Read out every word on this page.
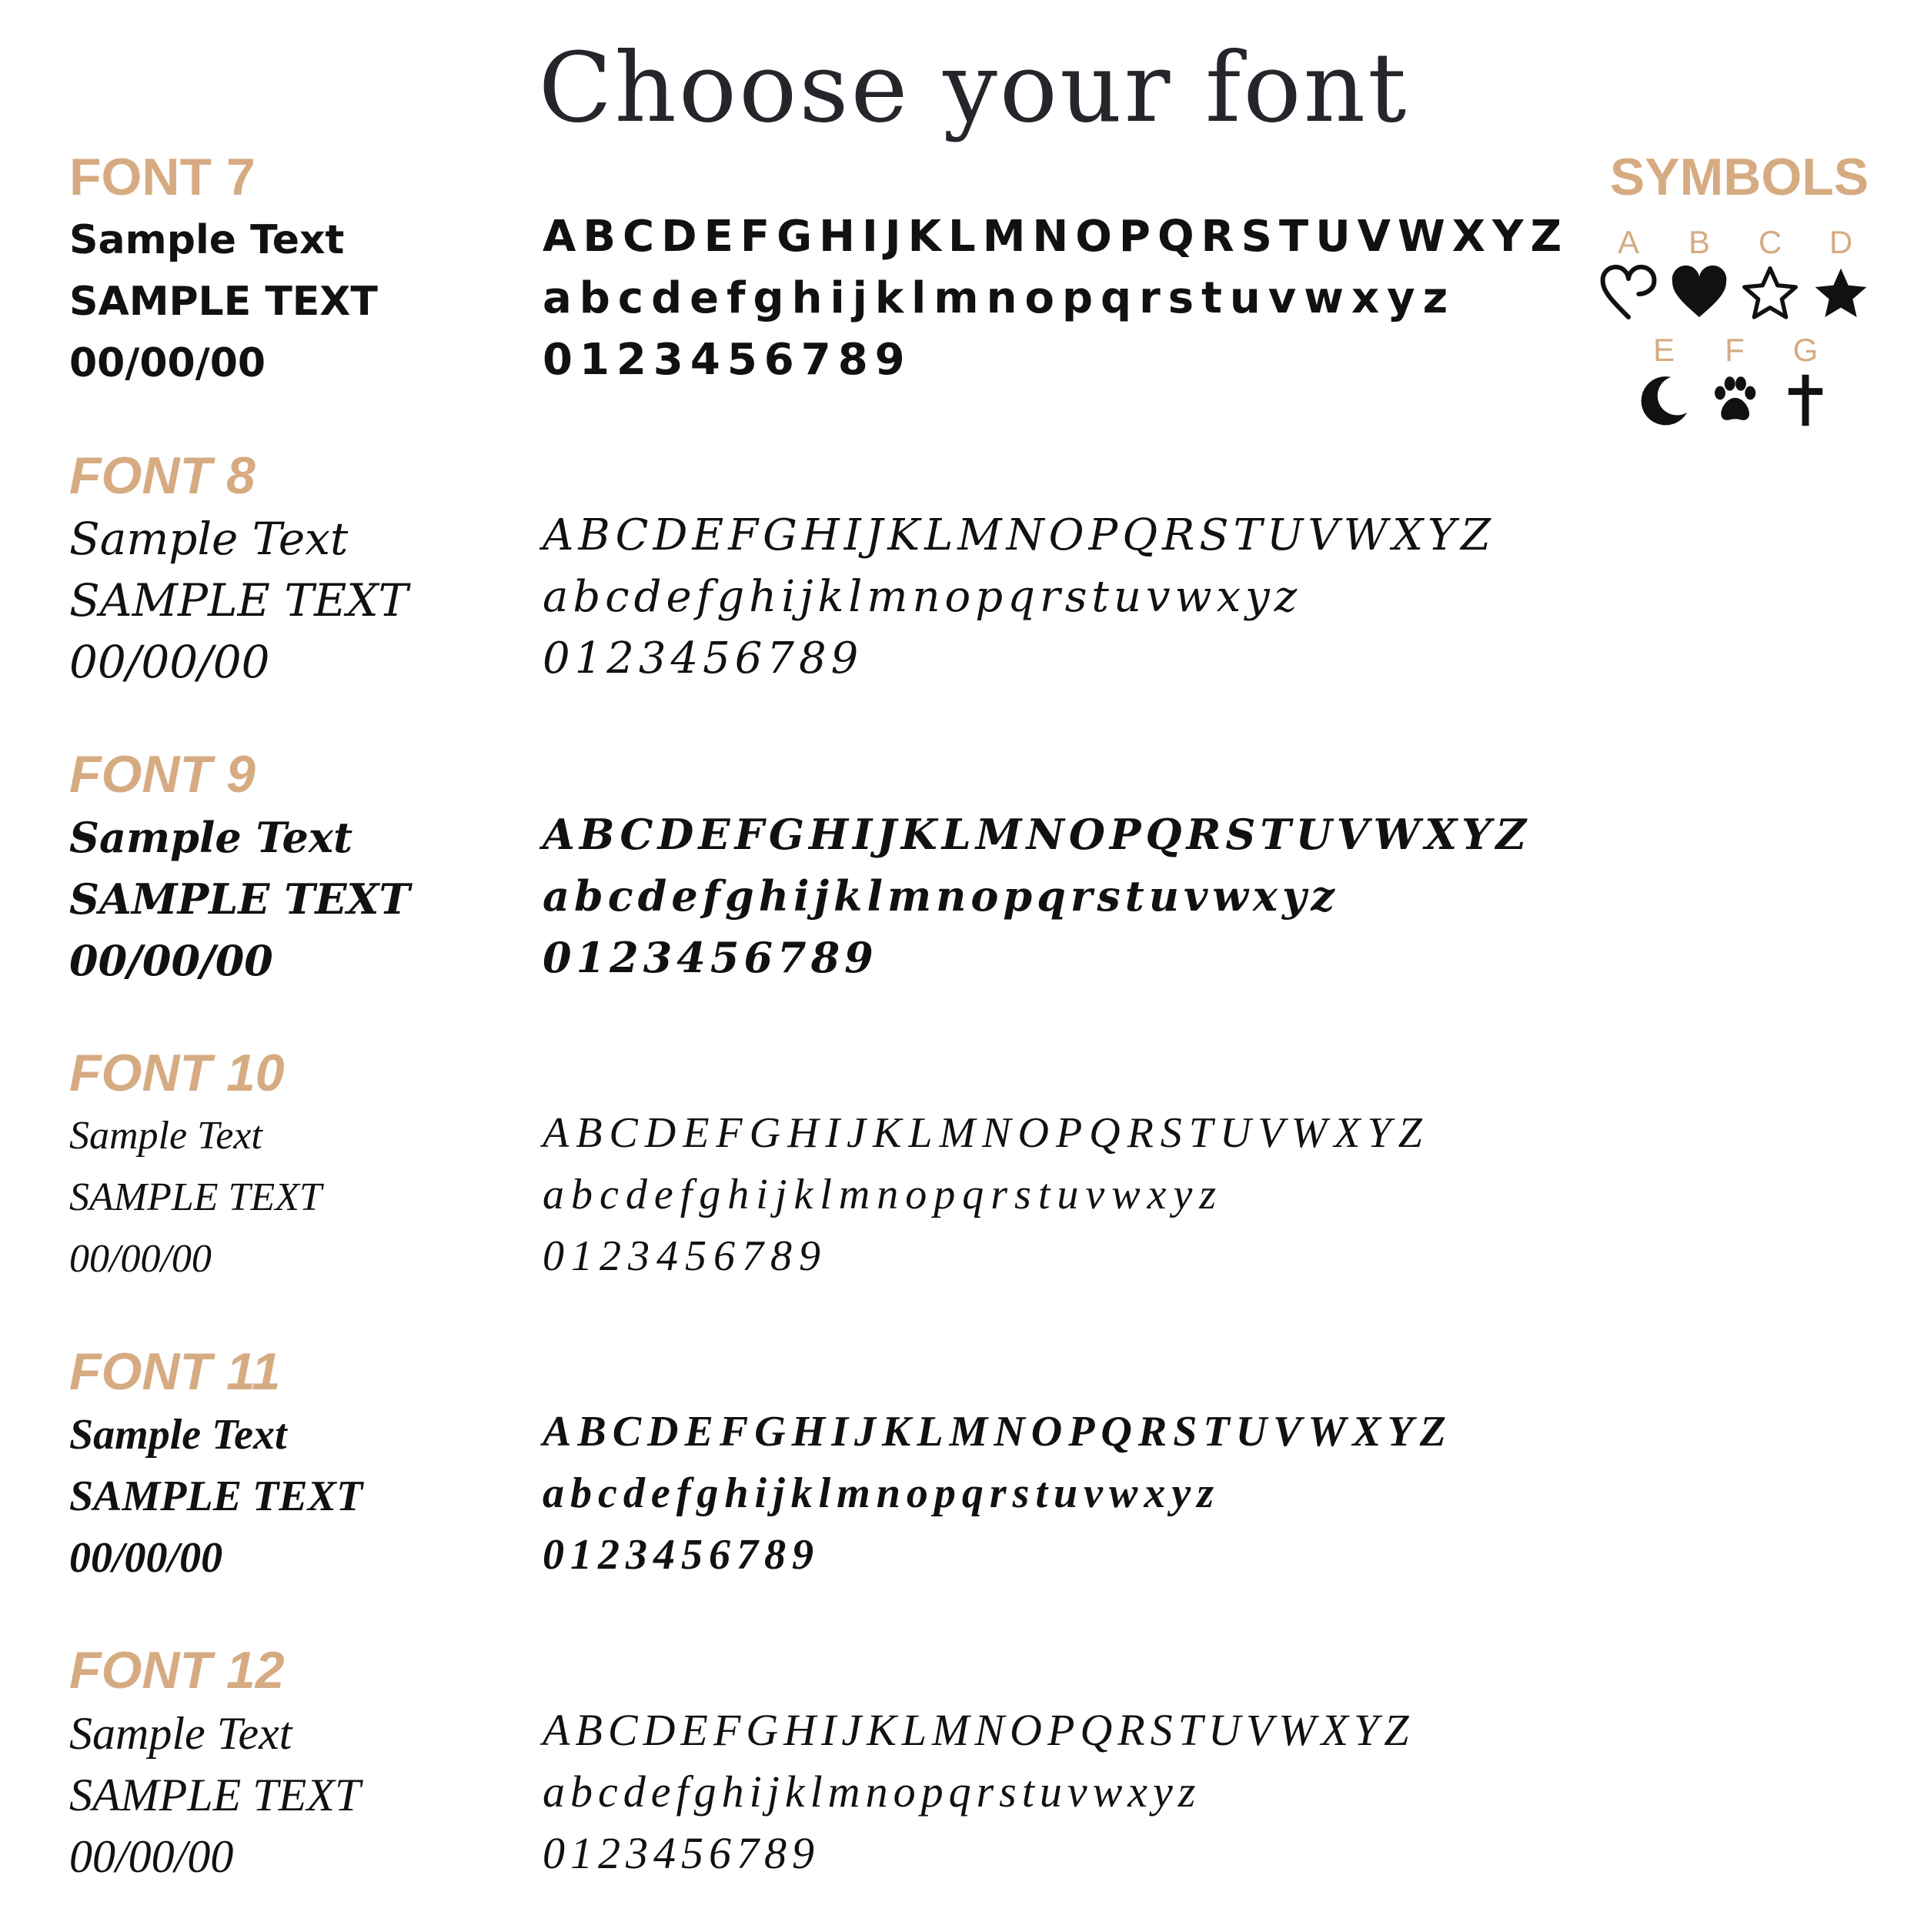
Choose your font
FONT 7
Sample Text
SAMPLE TEXT
00/00/00
ABCDEFGHIJKLMNOPQRSTUVWXYZ
abcdefghijklmnopqrstuvwxyz
0123456789
FONT 8
Sample Text
SAMPLE TEXT
00/00/00
ABCDEFGHIJKLMNOPQRSTUVWXYZ
abcdefghijklmnopqrstuvwxyz
0123456789
FONT 9
Sample Text
SAMPLE TEXT
00/00/00
ABCDEFGHIJKLMNOPQRSTUVWXYZ
abcdefghijklmnopqrstuvwxyz
0123456789
FONT 10
Sample Text
SAMPLE TEXT
00/00/00
ABCDEFGHIJKLMNOPQRSTUVWXYZ
abcdefghijklmnopqrstuvwxyz
0123456789
FONT 11
Sample Text
SAMPLE TEXT
00/00/00
ABCDEFGHIJKLMNOPQRSTUVWXYZ
abcdefghijklmnopqrstuvwxyz
0123456789
FONT 12
Sample Text
SAMPLE TEXT
00/00/00
ABCDEFGHIJKLMNOPQRSTUVWXYZ
abcdefghijklmnopqrstuvwxyz
0123456789
SYMBOLS
A	B	C	D
E	F	G
